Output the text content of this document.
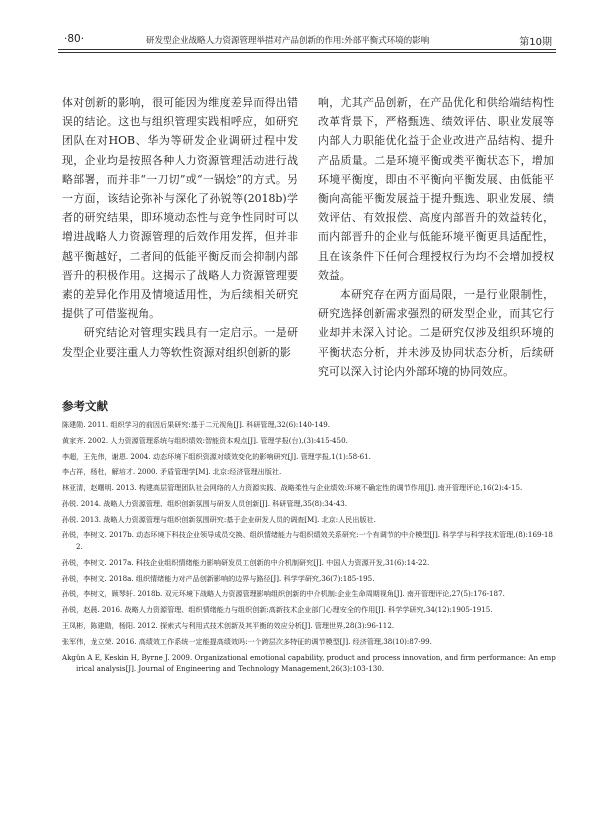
·80·	研发型企业战略人力资源管理举措对产品创新的作用:外部平衡式环境的影响	第10期

体对创新的影响，很可能因为维度差异而得出错误的结论。这也与组织管理实践相呼应，如研究团队在对HOB、华为等研发企业调研过程中发现，企业均是按照各种人力资源管理活动进行战略部署，而并非“一刀切”或“一锅烩”的方式。另一方面，该结论弥补与深化了孙锐等(2018b)学者的研究结果，即环境动态性与竞争性同时可以增进战略人力资源管理的后效作用发挥，但并非越平衡越好，二者间的低能平衡反而会抑制内部晋升的积极作用。这揭示了战略人力资源管理要素的差异化作用及情境适用性，为后续相关研究提供了可借鉴视角。

研究结论对管理实践具有一定启示。一是研发型企业要注重人力等软性资源对组织创新的影

响，尤其产品创新，在产品优化和供给端结构性改革背景下，严格甄选、绩效评估、职业发展等内部人力职能优化益于企业改进产品结构、提升产品质量。二是环境平衡或类平衡状态下，增加环境平衡度，即由不平衡向平衡发展、由低能平衡向高能平衡发展益于提升甄选、职业发展、绩效评估、有效报偿、高度内部晋升的效益转化，而内部晋升的企业与低能环境平衡更具适配性，且在该条件下任何合理授权行为均不会增加授权效益。

本研究存在两方面局限，一是行业限制性，研究选择创新需求强烈的研发型企业，而其它行业却并未深入讨论。二是研究仅涉及组织环境的平衡状态分析，并未涉及协同状态分析，后续研究可以深入讨论内外部环境的协同效应。

参考文献

陈建勋. 2011. 组织学习的前因后果研究:基于二元视角[J]. 科研管理,32(6):140-149.

黄家齐. 2002. 人力资源管理系统与组织绩效:智能资本观点[J]. 管理学报(台),(3):415-450.

李超，王先伟，谢恩. 2004. 动态环境下组织资源对绩效变化的影响研究[J]. 管理学报,1(1):58-61.

李占祥，杨杜，解培才. 2000. 矛盾管理学[M]. 北京:经济管理出版社.

林亚清，赵曙明. 2013. 构建高层管理团队社会网络的人力资源实践、战略柔性与企业绩效:环境不确定性的调节作用[J]. 南开管理评论,16(2):4-15.

孙锐. 2014. 战略人力资源管理、组织创新氛围与研发人员创新[J]. 科研管理,35(8):34-43.

孙锐. 2013. 战略人力资源管理与组织创新氛围研究:基于企业研发人员的调查[M]. 北京:人民出版社.

孙锐，李树文. 2017b. 动态环境下科技企业领导成员交换、组织情绪能力与组织绩效关系研究:一个有调节的中介模型[J]. 科学学与科学技术管理,(8):169-182.

孙锐，李树文. 2017a. 科技企业组织情绪能力影响研发员工创新的中介机制研究[J]. 中国人力资源开发,31(6):14-22.

孙锐，李树文. 2018a. 组织情绪能力对产品创新影响的边界与路径[J]. 科学学研究,36(7):185-195.

孙锐，李树文，顾琴轩. 2018b. 双元环境下战略人力资源管理影响组织创新的中介机制:企业生命周期视角[J]. 南开管理评论,27(5):176-187.

孙锐，赵晨. 2016. 战略人力资源管理、组织情绪能力与组织创新:高新技术企业部门心理安全的作用[J]. 科学学研究,34(12):1905-1915.

王凤彬，陈建勋，杨阳. 2012. 探索式与利用式技术创新及其平衡的效应分析[J]. 管理世界,28(3):96-112.

张军伟，龙立荣. 2016. 高绩效工作系统一定能提高绩效吗:一个跨层次多特征的调节模型[J]. 经济管理,38(10):87-99.

Akgün A E, Keskin H, Byrne J. 2009. Organizational emotional capability, product and process innovation, and firm performance: An empirical analysis[J]. Journal of Engineering and Technology Management,26(3):103-130.
